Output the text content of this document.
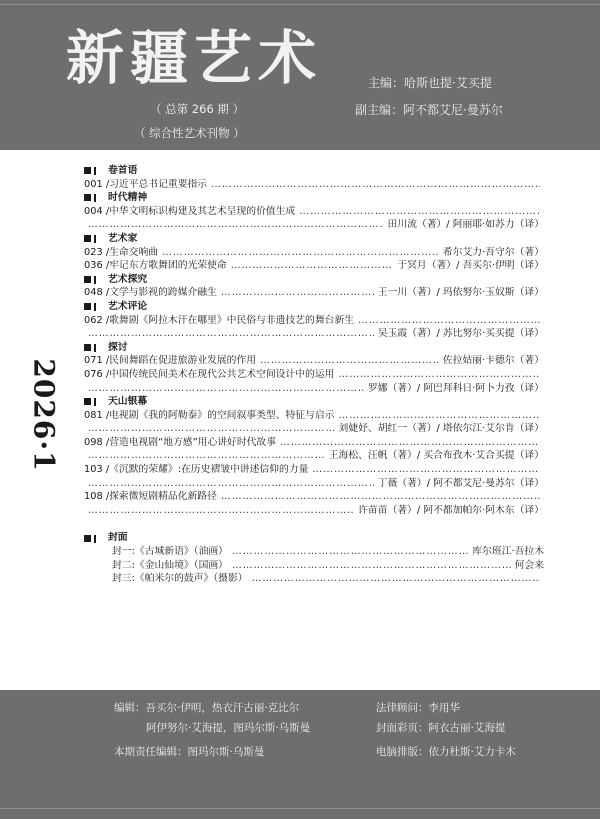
新疆艺术
（ 总第 266 期 ）
（ 综合性艺术刊物 ）
主编：哈斯也提·艾买提
副主编：阿不都艾尼·曼苏尔
2026·1
卷首语
001 / 习近平总书记重要指示
……………………………………………………………………………………………………………………………………………………………………
时代精神
004 / 中华文明标识构建及其艺术呈现的价值生成
……………………………………………………………………………………………………………………………………………………………………
……………………………………………………………………………………………………………………………………………………………………
田川流（著）/ 阿丽耶·如苏力（译）
艺术家
023 / 生命交响曲 ……………………………………………………………………………………………………………………………………………………………………	希尔艾力·吾守尔（著）
036 / 牢记东方歌舞团的光荣使命 ……………………………………………………………………………………………………………………………………………………………………	于冥月（著）/ 吾买尔·伊明（译）
艺术探究
048 / 文学与影视的跨媒介融生 ……………………………………………………………………………………………………………………………………………………………………	王一川（著）/ 玛依努尔·玉奴斯（译）
艺术评论
062 / 歌舞剧《阿拉木汗在哪里》中民俗与非遗技艺的舞台新生
……………………………………………………………………………………………………………………………………………………………………
……………………………………………………………………………………………………………………………………………………………………
吴玉霞（著）/ 苏比努尔·买买提（译）
探讨
071 / 民间舞蹈在促进旅游业发展的作用 ……………………………………………………………………………………………………………………………………………………………………	佐拉姑丽·卡德尔（著）
076 / 中国传统民间美术在现代公共艺术空间设计中的运用
……………………………………………………………………………………………………………………………………………………………………
……………………………………………………………………………………………………………………………………………………………………
罗娜（著）/ 阿巴拜科日·阿卜力孜（译）
天山银幕
081 / 电视剧《我的阿勒泰》的空间叙事类型、特征与启示
……………………………………………………………………………………………………………………………………………………………………
……………………………………………………………………………………………………………………………………………………………………
刘婕妤、胡红一（著）/ 塔依尔江·艾尔肯（译）
098 / 营造电视剧“地方感”用心讲好时代故事
……………………………………………………………………………………………………………………………………………………………………
……………………………………………………………………………………………………………………………………………………………………
王海松、汪帆（著）/ 买合布孜木·艾合买提（译）
103 / 《沉默的荣耀》:在历史褶皱中讲述信仰的力量
……………………………………………………………………………………………………………………………………………………………………
……………………………………………………………………………………………………………………………………………………………………
丁薇（著）/ 阿不都艾尼·曼苏尔（译）
108 / 探索微短剧精品化新路径
……………………………………………………………………………………………………………………………………………………………………
……………………………………………………………………………………………………………………………………………………………………
许苗苗（著）/ 阿不都加帕尔·阿木东（译）
封面
封一:《古城新语》（油画） ……………………………………………………………………………………………………………………………………………………………………	库尔班江·吾拉木
封二:《金山仙境》（国画） ……………………………………………………………………………………………………………………………………………………………………	何会来
封三:《帕米尔的鼓声》（摄影）
……………………………………………………………………………………………………………………………………………………………………
编辑：吾买尔·伊明，热衣汗古丽·克比尔
阿伊努尔·艾海提，图玛尔斯·乌斯曼
法律顾问：李用华
封面彩页：阿衣古丽·艾海提
本期责任编辑：图玛尔斯·乌斯曼	电脑排版：依力杜斯·艾力卡木
